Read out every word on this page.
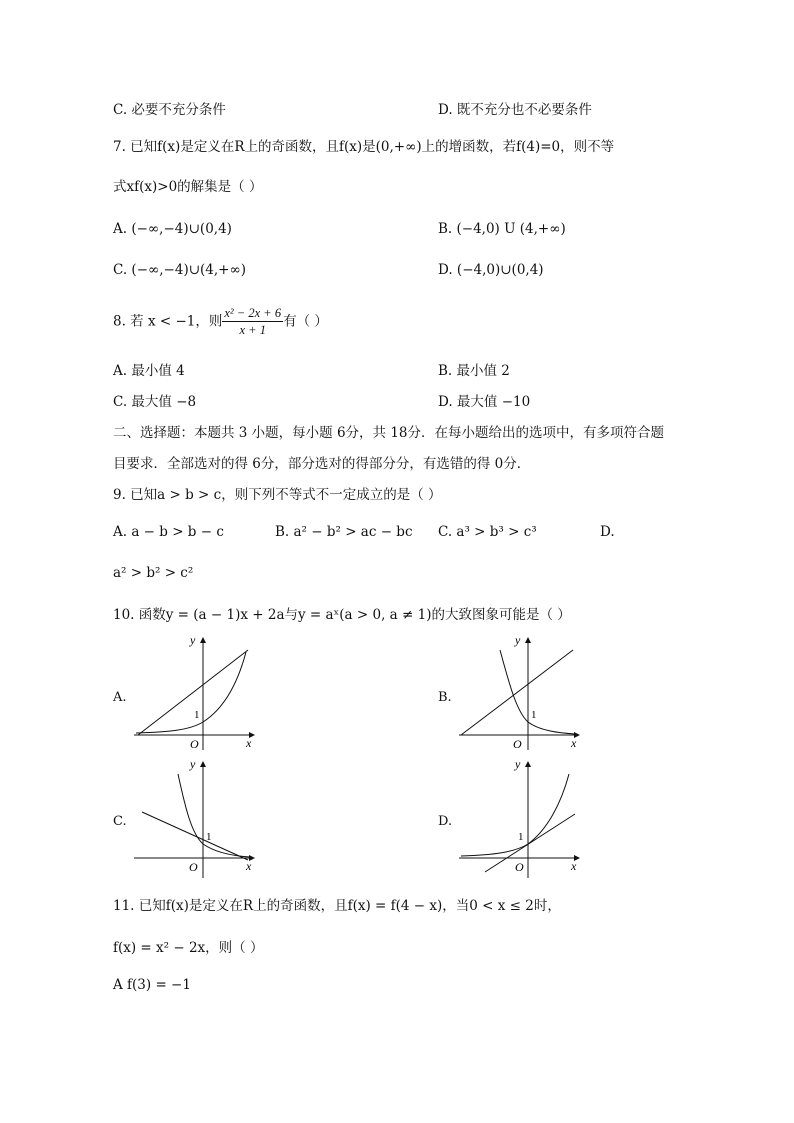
C. 必要不充分条件	D. 既不充分也不必要条件
7. 已知f(x)是定义在R上的奇函数，且f(x)是(0,+∞)上的增函数，若f(4)=0，则不等
式xf(x)>0的解集是（ ）
A. (−∞,−4)∪(0,4)	B. (−4,0) U (4,+∞)
C. (−∞,−4)∪(4,+∞)	D. (−4,0)∪(0,4)
8. 若 x < −1，则 $\frac{\text{x² − 2x + 6}}{x + 1}$ 有（ ）
A. 最小值 4	B. 最小值 2
C. 最大值 −8	D. 最大值 −10
二、选择题：本题共 3 小题，每小题 6分，共 18分．在每小题给出的选项中，有多项符合题
目要求．全部选对的得 6分，部分选对的得部分分，有选错的得 0分．
9. 已知a > b > c，则下列不等式不一定成立的是（ ）
A. a − b > b − c	B. a² − b² > ac − bc C. a³ > b³ > c³	D.
a² > b² > c²
10. 函数y = (a − 1)x + 2a与y = aˣ(a > 0, a ≠ 1)的大致图象可能是（ ）
A.	B.
C.	D.
y
x
O
1
y
x
O
1
y
x
O
1
y
x
O
1
11. 已知f(x)是定义在R上的奇函数，且f(x) = f(4 − x)，当0 < x ≤ 2时，
f(x) = x² − 2x，则（ ）
A f(3) = −1
